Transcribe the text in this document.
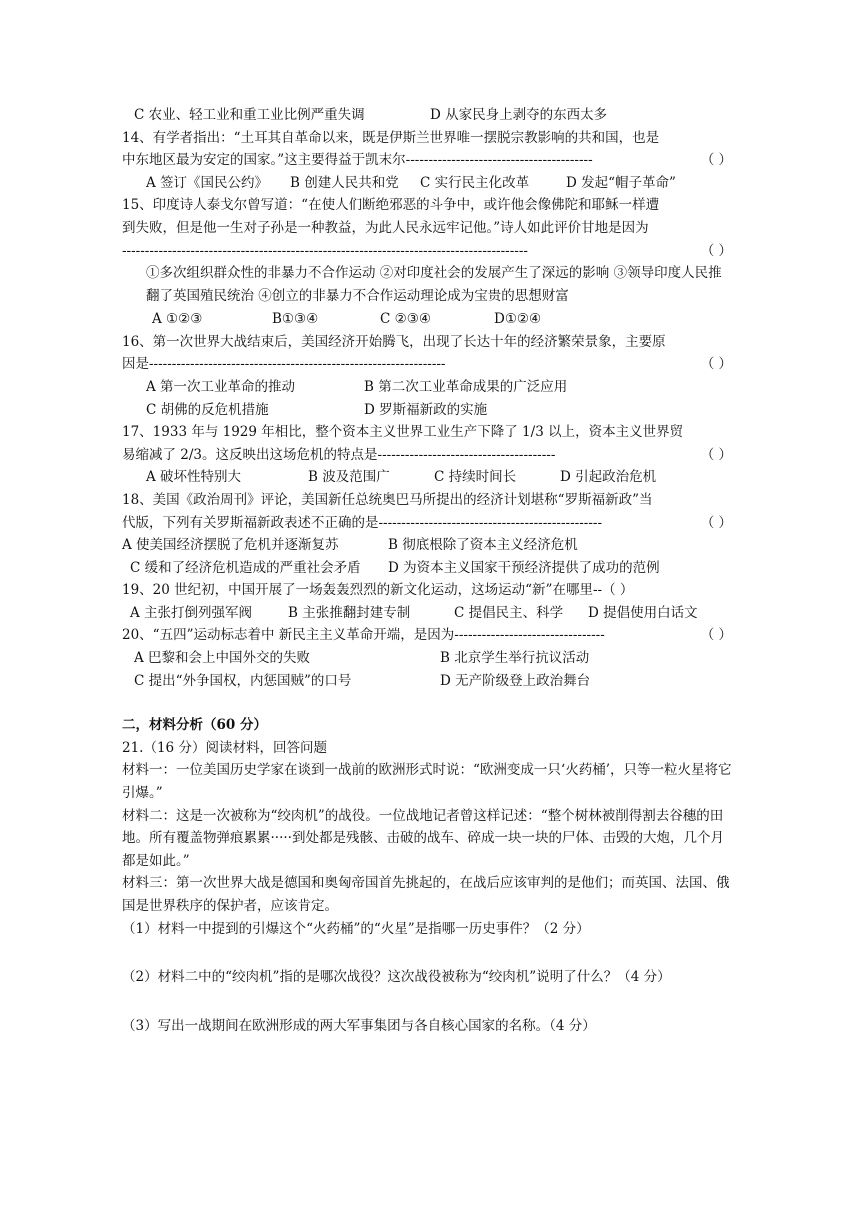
C 农业、轻工业和重工业比例严重失调	D 从家民身上剥夺的东西太多
14、有学者指出：“土耳其自革命以来，既是伊斯兰世界唯一摆脱宗教影响的共和国，也是
中东地区最为安定的国家。”这主要得益于凯末尔-----------------------------------------	（ ）
A 签订《国民公约》 B 创建人民共和党 C 实行民主化改革	D 发起“帽子革命”
15、印度诗人泰戈尔曾写道：“在使人们断绝邪恶的斗争中，或许他会像佛陀和耶稣一样遭
到失败，但是他一生对子孙是一种教益，为此人民永远牢记他。”诗人如此评价甘地是因为
-----------------------------------------------------------------------------------------	（ ）
①多次组织群众性的非暴力不合作运动 ②对印度社会的发展产生了深远的影响 ③领导印度人民推翻了英国殖民统治 ④创立的非暴力不合作运动理论成为宝贵的思想财富
A ①②③	B①③④	C ②③④	D①②④
16、第一次世界大战结束后，美国经济开始腾飞，出现了长达十年的经济繁荣景象，主要原
因是-----------------------------------------------------------------	（ ）
A 第一次工业革命的推动	B 第二次工业革命成果的广泛应用
C 胡佛的反危机措施	D 罗斯福新政的实施
17、1933 年与 1929 年相比，整个资本主义世界工业生产下降了 1/3 以上，资本主义世界贸
易缩减了 2/3。这反映出这场危机的特点是---------------------------------------	（ ）
A 破坏性特别大	B 波及范围广	C 持续时间长	D 引起政治危机
18、美国《政治周刊》评论，美国新任总统奥巴马所提出的经济计划堪称“罗斯福新政”当
代版，下列有关罗斯福新政表述不正确的是-------------------------------------------------	（ ）
A 使美国经济摆脱了危机并逐渐复苏	B 彻底根除了资本主义经济危机
C 缓和了经济危机造成的严重社会矛盾 D 为资本主义国家干预经济提供了成功的范例
19、20 世纪初，中国开展了一场轰轰烈烈的新文化运动，这场运动“新”在哪里--（ ）
A 主张打倒列强军阀	B 主张推翻封建专制	C 提倡民主、科学 D 提倡使用白话文
20、“五四”运动标志着中 新民主主义革命开端，是因为---------------------------------	（ ）
A 巴黎和会上中国外交的失败	B 北京学生举行抗议活动
C 提出“外争国权，内惩国贼”的口号	D 无产阶级登上政治舞台
二，材料分析（60 分）
21.（16 分）阅读材料，回答问题
材料一：一位美国历史学家在谈到一战前的欧洲形式时说：“欧洲变成一只‘火药桶’，只等一粒火星将它引爆。”
材料二：这是一次被称为“绞肉机”的战役。一位战地记者曾这样记述：“整个树林被削得割去谷穗的田地。所有覆盖物弹痕累累·····到处都是残骸、击破的战车、碎成一块一块的尸体、击毁的大炮，几个月都是如此。”
材料三：第一次世界大战是德国和奥匈帝国首先挑起的，在战后应该审判的是他们；而英国、法国、俄国是世界秩序的保护者，应该肯定。
（1）材料一中提到的引爆这个“火药桶”的“火星”是指哪一历史事件？（2 分）
（2）材料二中的“绞肉机”指的是哪次战役？这次战役被称为“绞肉机”说明了什么？（4 分）
（3）写出一战期间在欧洲形成的两大军事集团与各自核心国家的名称。（4 分）
